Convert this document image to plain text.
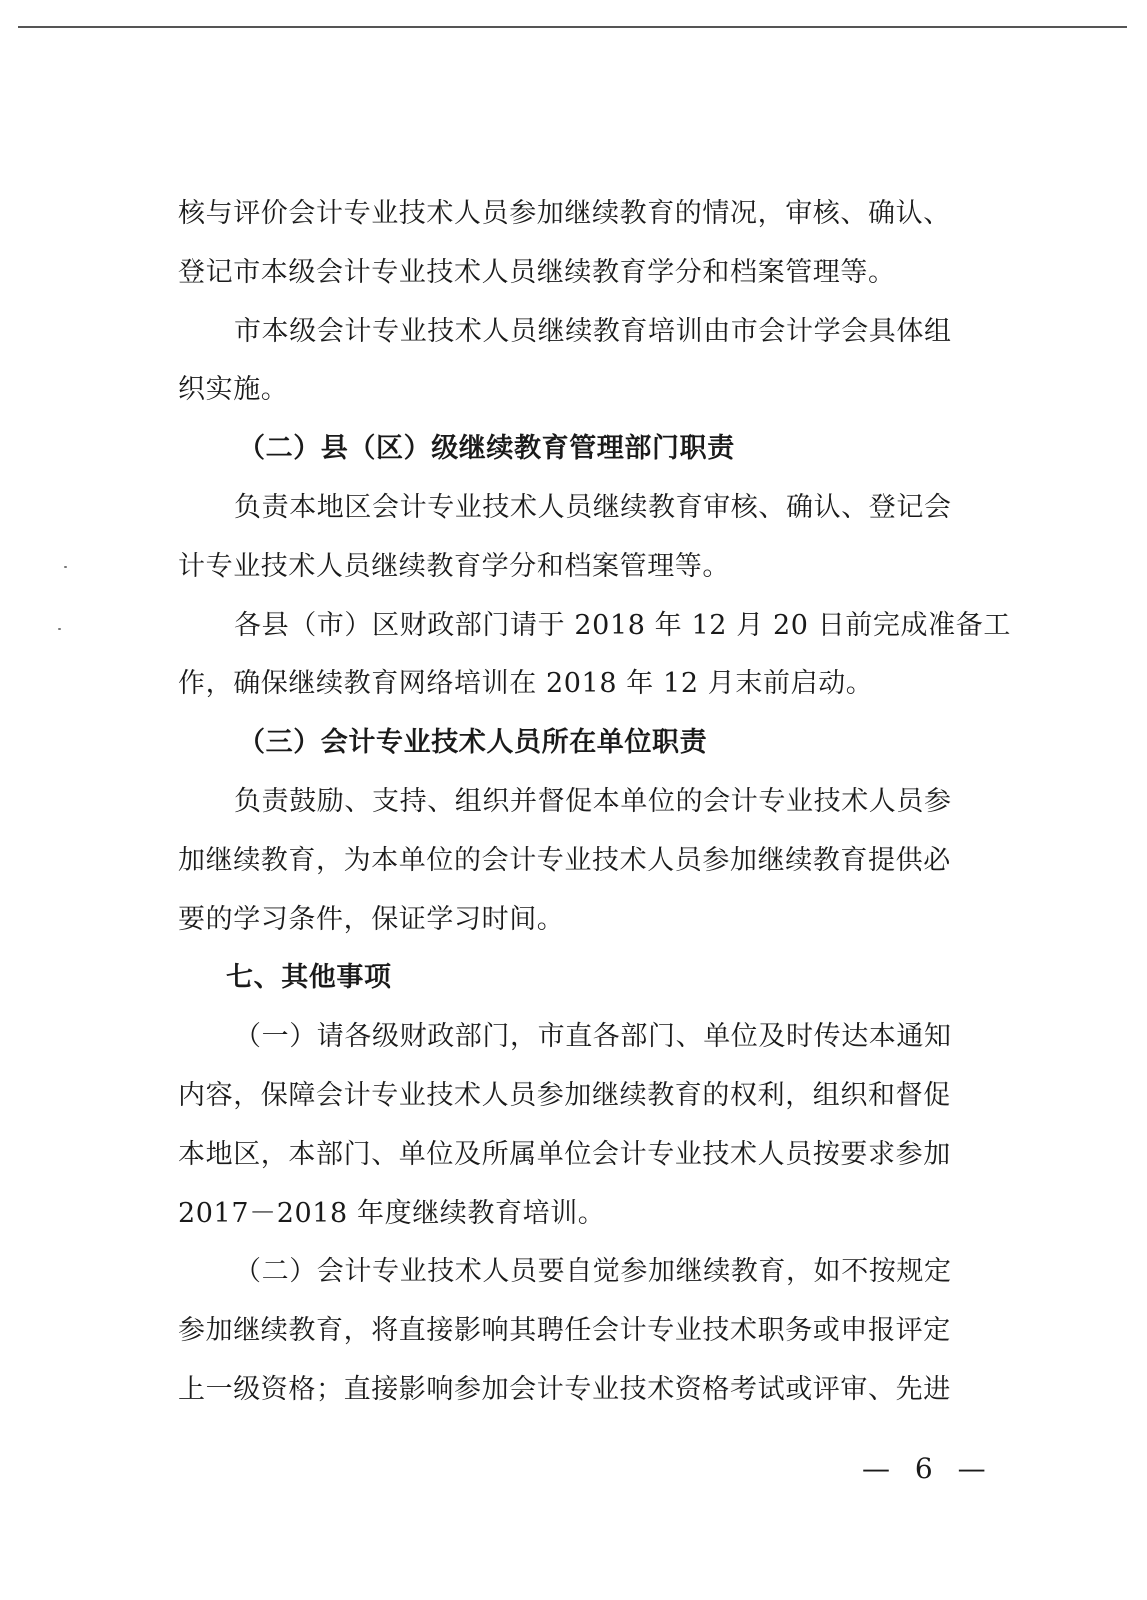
核与评价会计专业技术人员参加继续教育的情况，审核、确认、
登记市本级会计专业技术人员继续教育学分和档案管理等。
市本级会计专业技术人员继续教育培训由市会计学会具体组
织实施。
（二）县（区）级继续教育管理部门职责
负责本地区会计专业技术人员继续教育审核、确认、登记会
计专业技术人员继续教育学分和档案管理等。
各县（市）区财政部门请于 2018 年 12 月 20 日前完成准备工
作，确保继续教育网络培训在 2018 年 12 月末前启动。
（三）会计专业技术人员所在单位职责
负责鼓励、支持、组织并督促本单位的会计专业技术人员参
加继续教育，为本单位的会计专业技术人员参加继续教育提供必
要的学习条件，保证学习时间。
七、其他事项
（一）请各级财政部门，市直各部门、单位及时传达本通知
内容，保障会计专业技术人员参加继续教育的权利，组织和督促
本地区，本部门、单位及所属单位会计专业技术人员按要求参加
2017－2018 年度继续教育培训。
（二）会计专业技术人员要自觉参加继续教育，如不按规定
参加继续教育，将直接影响其聘任会计专业技术职务或申报评定
上一级资格；直接影响参加会计专业技术资格考试或评审、先进
— 6 —
